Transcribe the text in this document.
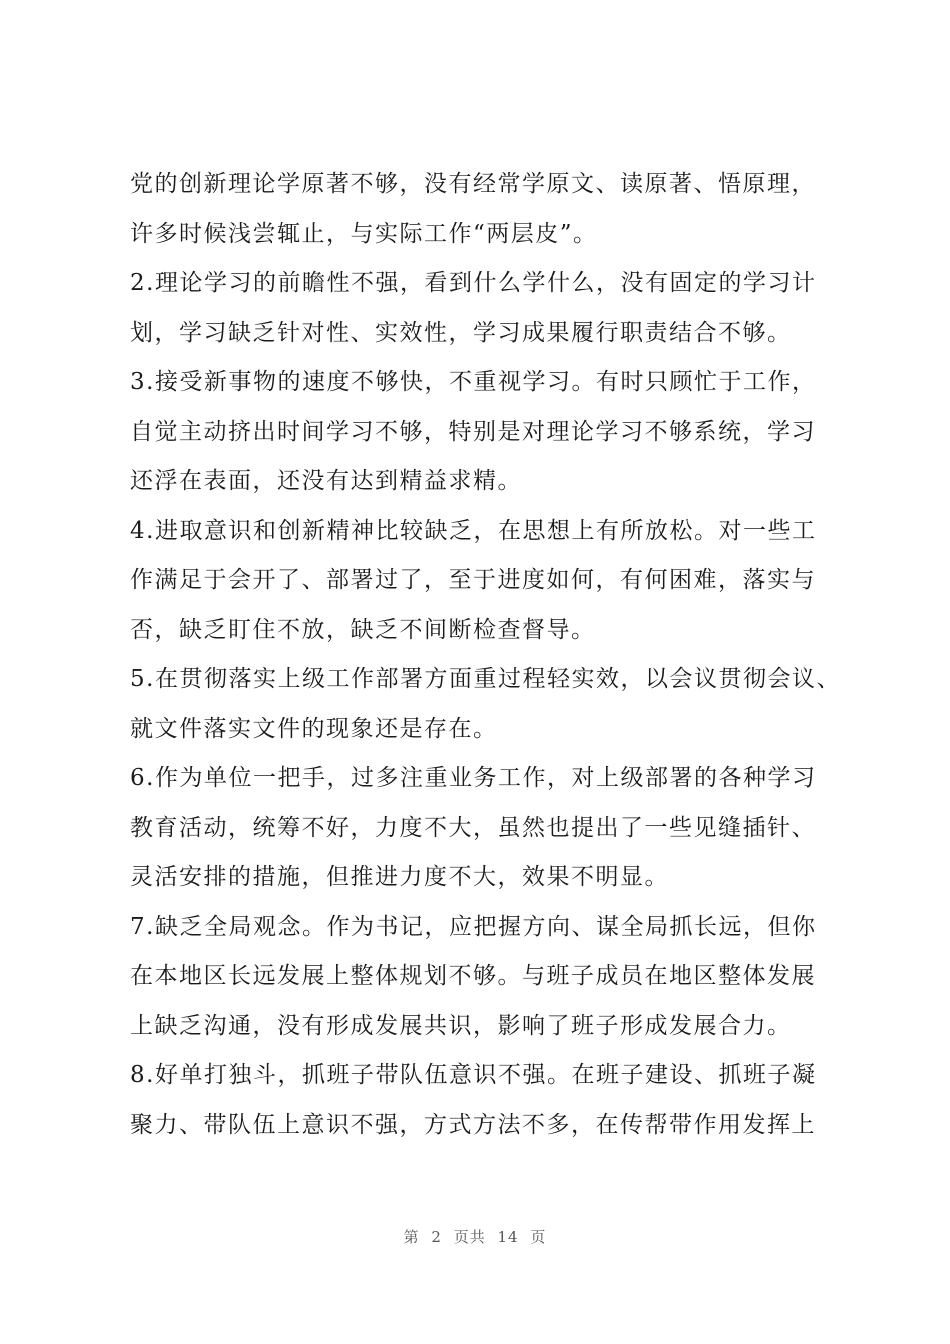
党的创新理论学原著不够，没有经常学原文、读原著、悟原理，
许多时候浅尝辄止，与实际工作“两层皮”。
2.理论学习的前瞻性不强，看到什么学什么，没有固定的学习计
划，学习缺乏针对性、实效性，学习成果履行职责结合不够。
3.接受新事物的速度不够快，不重视学习。有时只顾忙于工作，
自觉主动挤出时间学习不够，特别是对理论学习不够系统，学习
还浮在表面，还没有达到精益求精。
4.进取意识和创新精神比较缺乏，在思想上有所放松。对一些工
作满足于会开了、部署过了，至于进度如何，有何困难，落实与
否，缺乏盯住不放，缺乏不间断检查督导。
5.在贯彻落实上级工作部署方面重过程轻实效，以会议贯彻会议、
就文件落实文件的现象还是存在。
6.作为单位一把手，过多注重业务工作，对上级部署的各种学习
教育活动，统筹不好，力度不大，虽然也提出了一些见缝插针、
灵活安排的措施，但推进力度不大，效果不明显。
7.缺乏全局观念。作为书记，应把握方向、谋全局抓长远，但你
在本地区长远发展上整体规划不够。与班子成员在地区整体发展
上缺乏沟通，没有形成发展共识，影响了班子形成发展合力。
8.好单打独斗，抓班子带队伍意识不强。在班子建设、抓班子凝
聚力、带队伍上意识不强，方式方法不多，在传帮带作用发挥上
第 2 页共 14 页
